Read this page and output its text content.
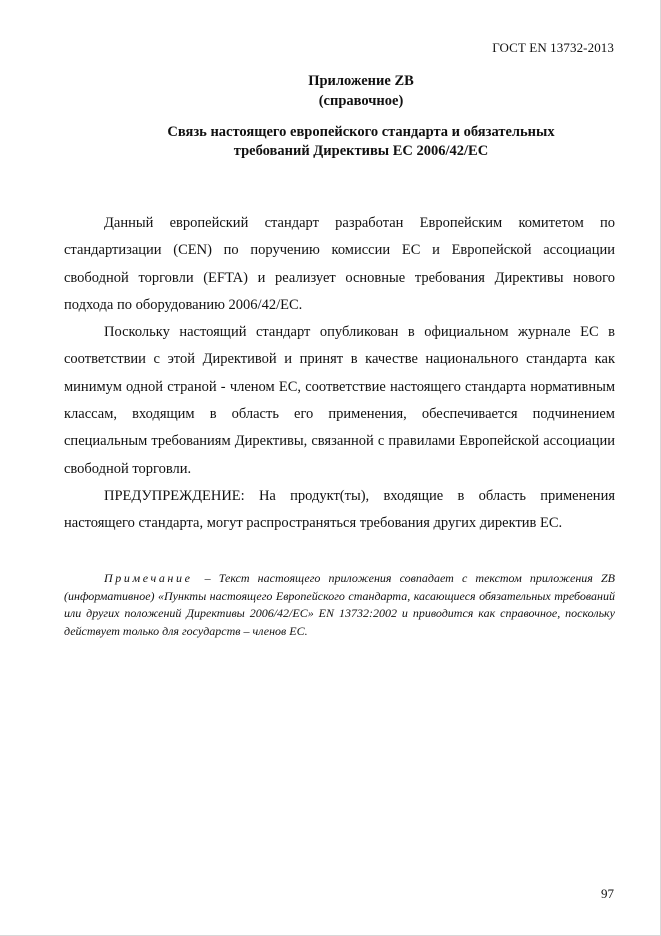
ГОСТ EN 13732-2013
Приложение ZB
(справочное)
Связь настоящего европейского стандарта и обязательных
требований Директивы ЕС 2006/42/ЕС

Данный европейский стандарт разработан Европейским комитетом по стандартизации (CEN) по поручению комиссии ЕС и Европейской ассоциации свободной торговли (EFTA) и реализует основные требования Директивы нового подхода по оборудованию 2006/42/ЕС.

Поскольку настоящий стандарт опубликован в официальном журнале ЕС в соответствии с этой Директивой и принят в качестве национального стандарта как минимум одной страной - членом ЕС, соответствие настоящего стандарта нормативным классам, входящим в область его применения, обеспечивается подчинением специальным требованиям Директивы, связанной с правилами Европейской ассоциации свободной торговли.

ПРЕДУПРЕЖДЕНИЕ: На продукт(ты), входящие в область применения настоящего стандарта, могут распространяться требования других директив ЕС.

Примечание – Текст настоящего приложения совпадает с текстом приложения ZB (информативное) «Пункты настоящего Европейского стандарта, касающиеся обязательных требований или других положений Директивы 2006/42/ЕС» EN 13732:2002 и приводится как справочное, поскольку действует только для государств – членов ЕС.
97
